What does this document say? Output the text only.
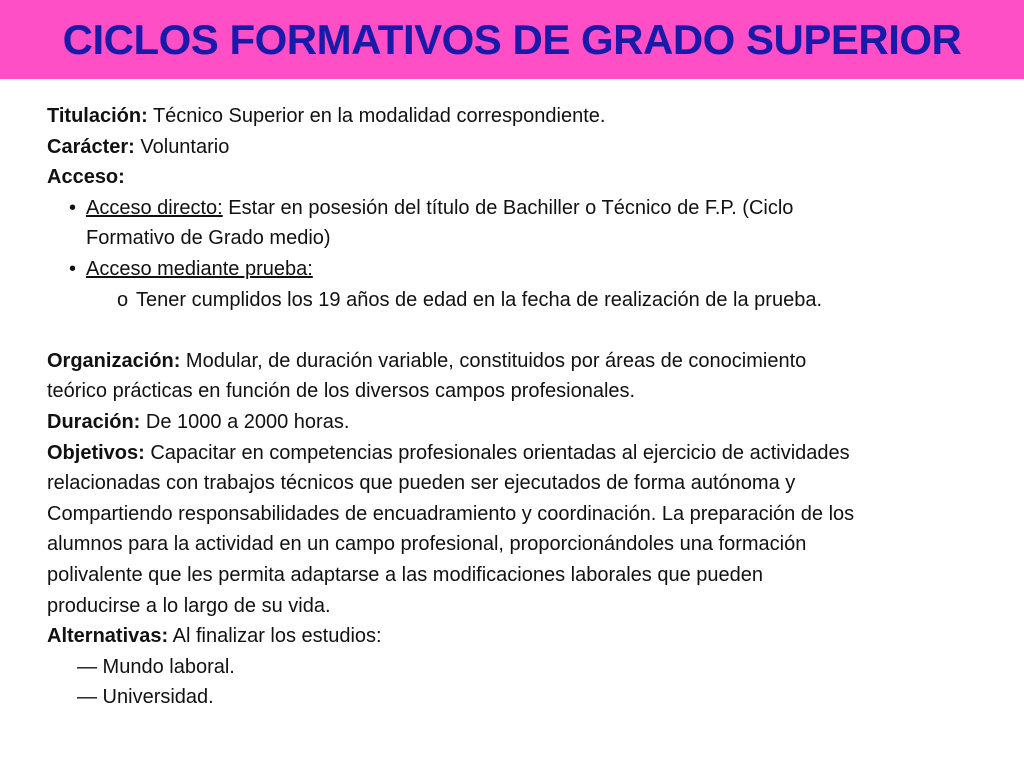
CICLOS FORMATIVOS DE GRADO SUPERIOR
Titulación: Técnico Superior en la modalidad correspondiente.
Carácter: Voluntario
Acceso:
• Acceso directo: Estar en posesión del título de Bachiller o Técnico de F.P. (Ciclo
Formativo de Grado medio)
• Acceso mediante prueba:
o Tener cumplidos los 19 años de edad en la fecha de realización de la prueba.
Organización: Modular, de duración variable, constituidos por áreas de conocimiento
teórico prácticas en función de los diversos campos profesionales.
Duración: De 1000 a 2000 horas.
Objetivos: Capacitar en competencias profesionales orientadas al ejercicio de actividades
relacionadas con trabajos técnicos que pueden ser ejecutados de forma autónoma y
Compartiendo responsabilidades de encuadramiento y coordinación. La preparación de los
alumnos para la actividad en un campo profesional, proporcionándoles una formación
polivalente que les permita adaptarse a las modificaciones laborales que pueden
producirse a lo largo de su vida.
Alternativas: Al finalizar los estudios:
— Mundo laboral.
— Universidad.
